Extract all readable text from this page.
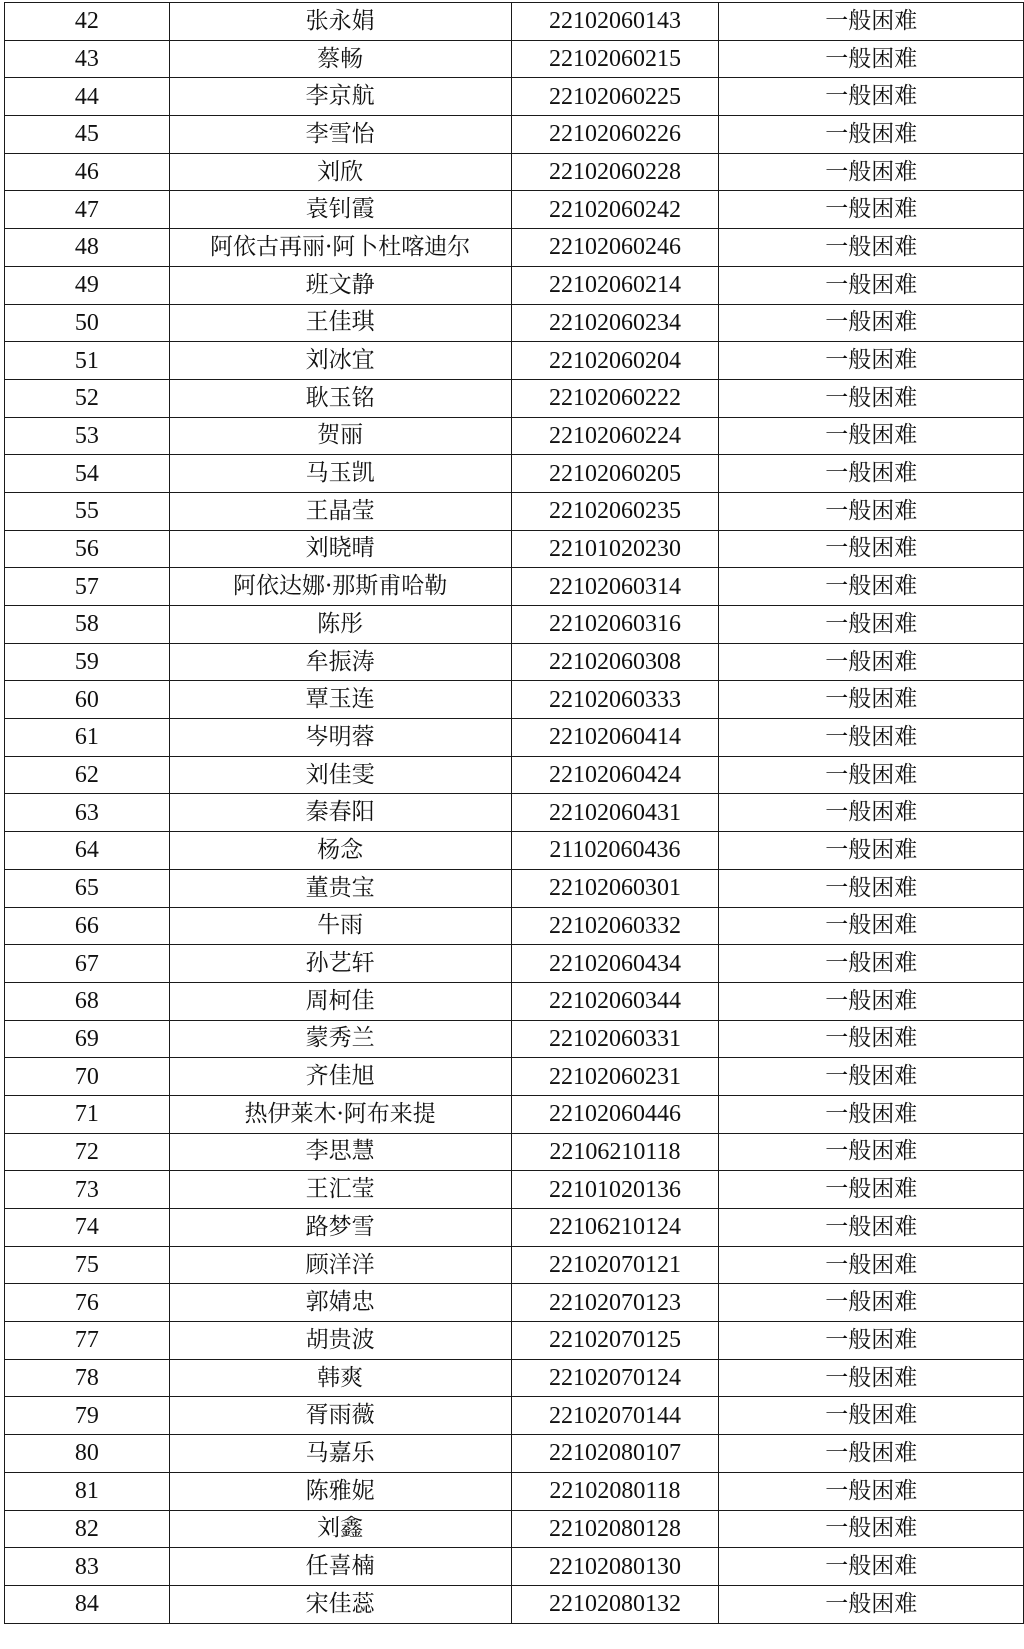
42	张永娟	22102060143	一般困难
43	蔡畅	22102060215	一般困难
44	李京航	22102060225	一般困难
45	李雪怡	22102060226	一般困难
46	刘欣	22102060228	一般困难
47	袁钊霞	22102060242	一般困难
48	阿依古再丽·阿卜杜喀迪尔	22102060246	一般困难
49	班文静	22102060214	一般困难
50	王佳琪	22102060234	一般困难
51	刘冰宜	22102060204	一般困难
52	耿玉铭	22102060222	一般困难
53	贺丽	22102060224	一般困难
54	马玉凯	22102060205	一般困难
55	王晶莹	22102060235	一般困难
56	刘晓晴	22101020230	一般困难
57	阿依达娜·那斯甫哈勒	22102060314	一般困难
58	陈彤	22102060316	一般困难
59	牟振涛	22102060308	一般困难
60	覃玉连	22102060333	一般困难
61	岑明蓉	22102060414	一般困难
62	刘佳雯	22102060424	一般困难
63	秦春阳	22102060431	一般困难
64	杨念	21102060436	一般困难
65	董贵宝	22102060301	一般困难
66	牛雨	22102060332	一般困难
67	孙艺轩	22102060434	一般困难
68	周柯佳	22102060344	一般困难
69	蒙秀兰	22102060331	一般困难
70	齐佳旭	22102060231	一般困难
71	热伊莱木·阿布来提	22102060446	一般困难
72	李思慧	22106210118	一般困难
73	王汇莹	22101020136	一般困难
74	路梦雪	22106210124	一般困难
75	顾洋洋	22102070121	一般困难
76	郭婧忠	22102070123	一般困难
77	胡贵波	22102070125	一般困难
78	韩爽	22102070124	一般困难
79	胥雨薇	22102070144	一般困难
80	马嘉乐	22102080107	一般困难
81	陈雅妮	22102080118	一般困难
82	刘鑫	22102080128	一般困难
83	任喜楠	22102080130	一般困难
84	宋佳蕊	22102080132	一般困难
